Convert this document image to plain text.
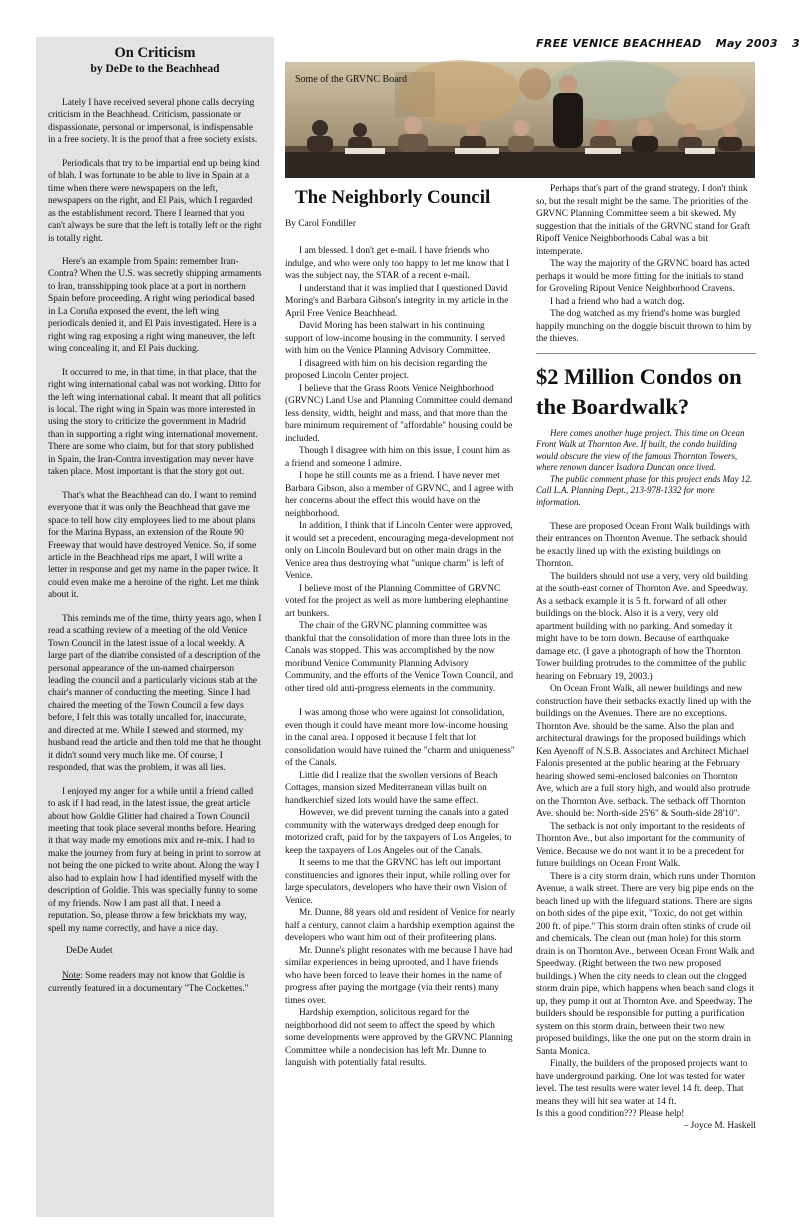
FREE VENICE BEACHHEAD May 2003 3
On Criticism
by DeDe to the Beachhead

Lately I have received several phone calls decrying criticism in the Beachhead. Criticism, passionate or dispassionate, personal or impersonal, is indispensable in a free society. It is the proof that a free society exists.

Periodicals that try to be impartial end up being kind of blah. I was fortunate to be able to live in Spain at a time when there were newspapers on the left, newspapers on the right, and El Pais, which I regarded as the establishment record. There I learned that you can't always be sure that the left is totally left or the right is totally right.

Here's an example from Spain: remember Iran-Contra? When the U.S. was secretly shipping armaments to Iran, transshipping took place at a port in northern Spain before proceeding. A right wing periodical based in La Coruña exposed the event, the left wing periodicals denied it, and El Pais investigated. Here is a right wing rag exposing a right wing maneuver, the left wing concealing it, and El Pais ducking.

It occurred to me, in that time, in that place, that the right wing international cabal was not working. Ditto for the left wing international cabal. It meant that all politics is local. The right wing in Spain was more interested in using the story to criticize the government in Madrid than in supporting a right wing international movement. There are some who claim, but for that story published in Spain, the Iran-Contra investigation may never have taken place. Most important is that the story got out.

That's what the Beachhead can do. I want to remind everyone that it was only the Beachhead that gave me space to tell how city employees lied to me about plans for the Marina Bypass, an extension of the Route 90 Freeway that would have destroyed Venice. So, if some article in the Beachhead rips me apart, I will write a letter in response and get my name in the paper twice. It could even make me a heroine of the right. Let me think about it.

This reminds me of the time, thirty years ago, when I read a scathing review of a meeting of the old Venice Town Council in the latest issue of a local weekly. A large part of the diatribe consisted of a description of the personal appearance of the un-named chairperson leading the council and a particularly vicious stab at the chair's manner of conducting the meeting. Since I had chaired the meeting of the Town Council a few days before, I felt this was totally uncalled for, inaccurate, and directed at me. While I stewed and stormed, my husband read the article and then told me that he thought it didn't sound very much like me. Of course, I responded, that was the problem, it was all lies.

I enjoyed my anger for a while until a friend called to ask if I had read, in the latest issue, the great article about how Goldie Glitter had chaired a Town Council meeting that took place several months before. Hearing it that way made my emotions mix and re-mix. I had to make the journey from fury at being in print to sorrow at not being the one picked to write about. Along the way I also had to explain how I had identified myself with the description of Goldie. This was specially funny to some of my friends. Now I am past all that. I need a reputation. So, please throw a few brickbats my way, spell my name correctly, and have a nice day.

DeDe Audet

Note: Some readers may not know that Goldie is currently featured in a documentary "The Cockettes."

Some of the GRVNC Board
The Neighborly Council
By Carol Fondiller

I am blessed. I don't get e-mail. I have friends who indulge, and who were only too happy to let me know that I was the subject nay, the STAR of a recent e-mail.

I understand that it was implied that I questioned David Moring's and Barbara Gibson's integrity in my article in the April Free Venice Beachhead.

David Moring has been stalwart in his continuing support of low-income housing in the community. I served with him on the Venice Planning Advisory Committee.

I disagreed with him on his decision regarding the proposed Lincoln Center project.

I believe that the Grass Roots Venice Neighborhood (GRVNC) Land Use and Planning Committee could demand less density, width, height and mass, and that more than the bare minimum requirement of "affordable" housing could be included.

Though I disagree with him on this issue, I count him as a friend and someone I admire.

I hope he still counts me as a friend. I have never met Barbara Gibson, also a member of GRVNC, and I agree with her concerns about the effect this would have on the neighborhood.

In addition, I think that if Lincoln Center were approved, it would set a precedent, encouraging mega-development not only on Lincoln Boulevard but on other main drags in the Venice area thus destroying what "unique charm" is left of Venice.

I believe most of the Planning Committee of GRVNC voted for the project as well as more lumbering elephantine art bunkers.

The chair of the GRVNC planning committee was thankful that the consolidation of more than three lots in the Canals was stopped. This was accomplished by the now moribund Venice Community Planning Advisory Community, and the efforts of the Venice Town Council, and other tired old anti-progress elements in the community.

I was among those who were against lot consolidation, even though it could have meant more low-income housing in the canal area. I opposed it because I felt that lot consolidation would have ruined the "charm and uniqueness" of the Canals.

Little did I realize that the swollen versions of Beach Cottages, mansion sized Mediterranean villas built on handkerchief sized lots would have the same effect.

However, we did prevent turning the canals into a gated community with the waterways dredged deep enough for motorized craft, paid for by the taxpayers of Los Angeles, to keep the taxpayers of Los Angeles out of the Canals.

It seems to me that the GRVNC has left out important constituencies and ignores their input, while rolling over for large speculators, developers who have their own Vision of Venice.

Mr. Dunne, 88 years old and resident of Venice for nearly half a century, cannot claim a hardship exemption against the developers who want him out of their profiteering plans.

Mr. Dunne's plight resonates with me because I have had similar experiences in being uprooted, and I have friends who have been forced to leave their homes in the name of progress after paying the mortgage (via their rents) many times over.

Hardship exemption, solicitous regard for the neighborhood did not seem to affect the speed by which some developments were approved by the GRVNC Planning Committee while a nondecision has left Mr. Dunne to languish with potentially fatal results.

Perhaps that's part of the grand strategy. I don't think so, but the result might be the same. The priorities of the GRVNC Planning Committee seem a bit skewed. My suggestion that the initials of the GRVNC stand for Graft Ripoff Venice Neighborhoods Cabal was a bit intemperate.

The way the majority of the GRVNC board has acted perhaps it would be more fitting for the initials to stand for Groveling Ripout Venice Neighborhood Cravens.

I had a friend who had a watch dog.

The dog watched as my friend's home was burgled happily munching on the doggie biscuit thrown to him by the thieves.

$2 Million Condos on the Boardwalk?

Here comes another huge project. This time on Ocean Front Walk at Thornton Ave. If built, the condo building would obscure the view of the famous Thornton Towers, where renown dancer Isadora Duncan once lived.

The public comment phase for this project ends May 12. Call L.A. Planning Dept., 213-978-1332 for more information.

These are proposed Ocean Front Walk buildings with their entrances on Thornton Avenue. The setback should be exactly lined up with the existing buildings on Thornton.

The builders should not use a very, very old building at the south-east corner of Thornton Ave. and Speedway. As a setback example it is 5 ft. forward of all other buildings on the block. Also it is a very, very old apartment building with no parking. And someday it might have to be torn down. Because of earthquake damage etc. (I gave a photograph of how the Thornton Tower building protrudes to the committee of the public hearing on February 19, 2003.)

On Ocean Front Walk, all newer buildings and new construction have their setbacks exactly lined up with the buildings on the Avenues. There are no exceptions. Thornton Ave. should be the same. Also the plan and architectural drawings for the proposed buildings which Ken Ayenoff of N.S.B. Associates and Architect Michael Falonis presented at the public hearing at the February hearing showed semi-enclosed balconies on Thornton Ave, which are a full story high, and would also protrude on the Thornton Ave. setback. The setback off Thornton Ave. should be: North-side 25'6" & South-side 28'10".

The setback is not only important to the residents of Thornton Ave., but also important for the community of Venice. Because we do not want it to be a precedent for future buildings on Ocean Front Walk.

There is a city storm drain, which runs under Thornton Avenue, a walk street. There are very big pipe ends on the beach lined up with the lifeguard stations. There are signs on both sides of the pipe exit, "Toxic, do not get within 200 ft. of pipe." This storm drain often stinks of crude oil and chemicals. The clean out (man hole) for this storm drain is on Thornton Ave., between Ocean Front Walk and Speedway. (Right between the two new proposed buildings.) When the city needs to clean out the clogged storm drain pipe, which happens when beach sand clogs it up, they pump it out at Thornton Ave. and Speedway. The builders should be responsible for putting a purification system on this storm drain, between their two new proposed buildings, like the one put on the storm drain in Santa Monica.

Finally, the builders of the proposed projects want to have underground parking. One lot was tested for water level. The test results were water level 14 ft. deep. That means they will hit sea water at 14 ft.

Is this a good condition??? Please help!

– Joyce M. Haskell
